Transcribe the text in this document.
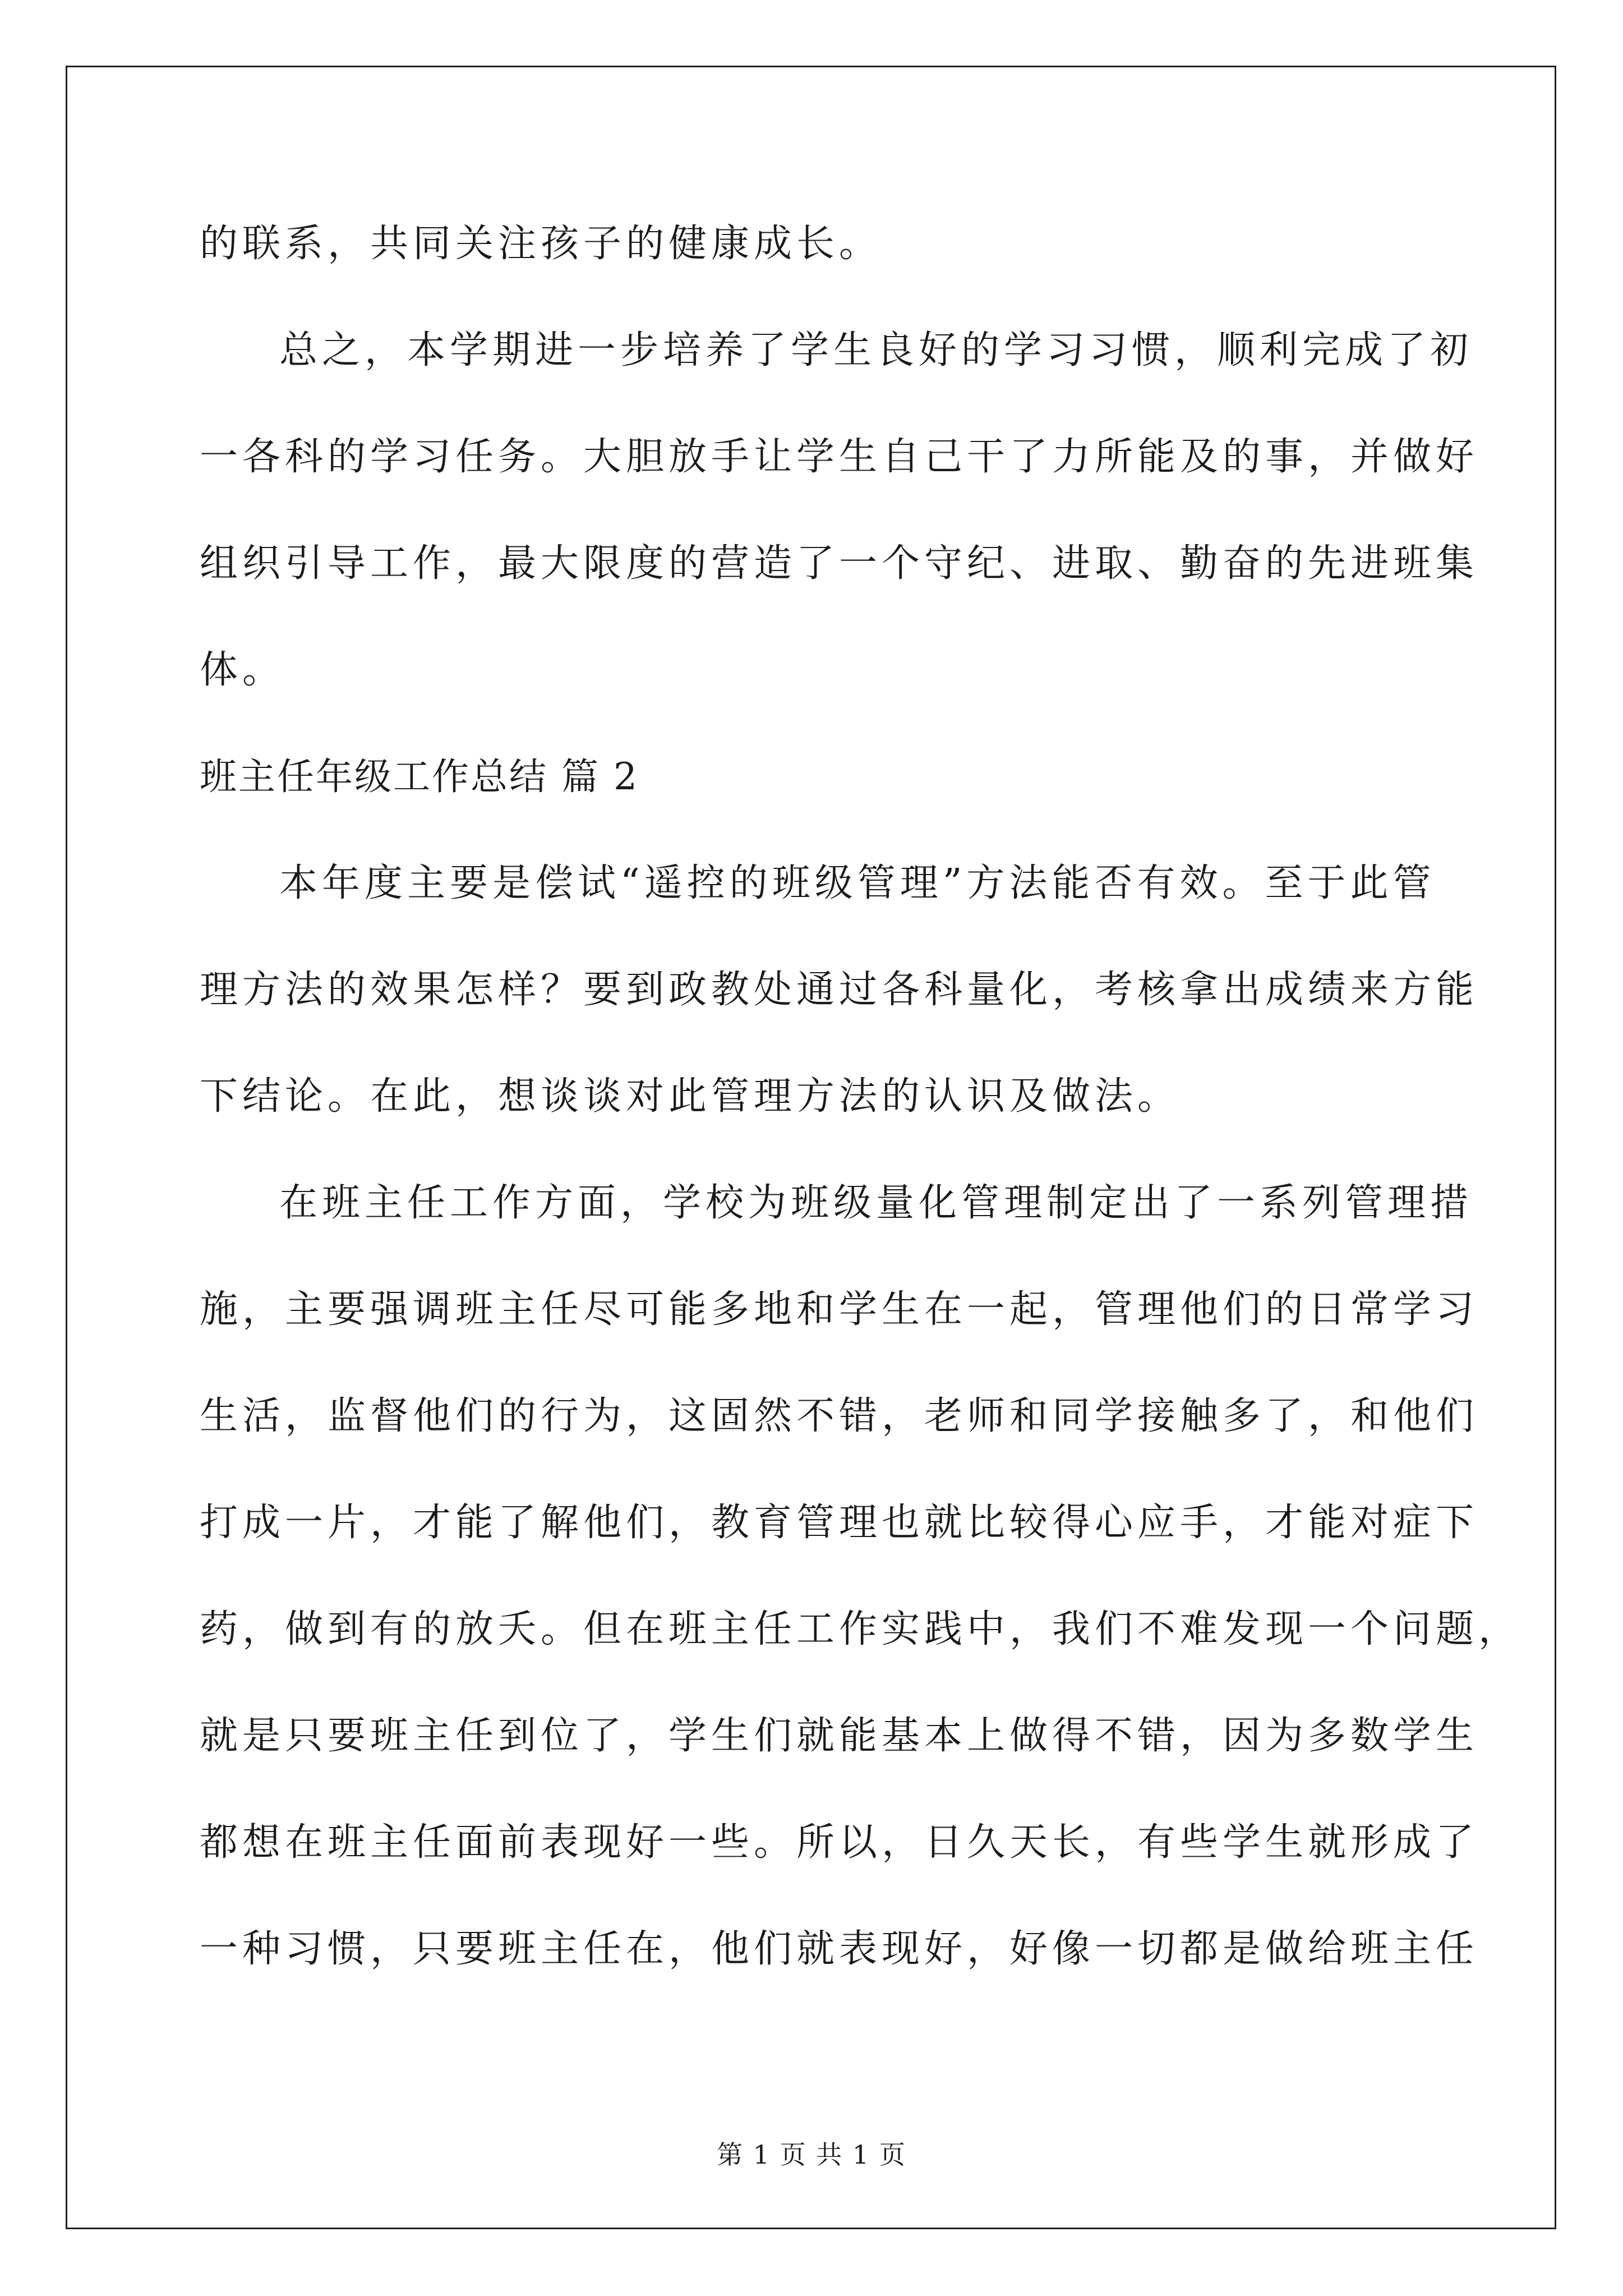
的联系，共同关注孩子的健康成长。
总之，本学期进一步培养了学生良好的学习习惯，顺利完成了初
一各科的学习任务。大胆放手让学生自己干了力所能及的事，并做好
组织引导工作，最大限度的营造了一个守纪、进取、勤奋的先进班集
体。
班主任年级工作总结 篇 2
本年度主要是偿试“遥控的班级管理”方法能否有效。至于此管
理方法的效果怎样？要到政教处通过各科量化，考核拿出成绩来方能
下结论。在此，想谈谈对此管理方法的认识及做法。
在班主任工作方面，学校为班级量化管理制定出了一系列管理措
施，主要强调班主任尽可能多地和学生在一起，管理他们的日常学习
生活，监督他们的行为，这固然不错，老师和同学接触多了，和他们
打成一片，才能了解他们，教育管理也就比较得心应手，才能对症下
药，做到有的放夭。但在班主任工作实践中，我们不难发现一个问题，
就是只要班主任到位了，学生们就能基本上做得不错，因为多数学生
都想在班主任面前表现好一些。所以，日久天长，有些学生就形成了
一种习惯，只要班主任在，他们就表现好，好像一切都是做给班主任
第 1 页 共 1 页
